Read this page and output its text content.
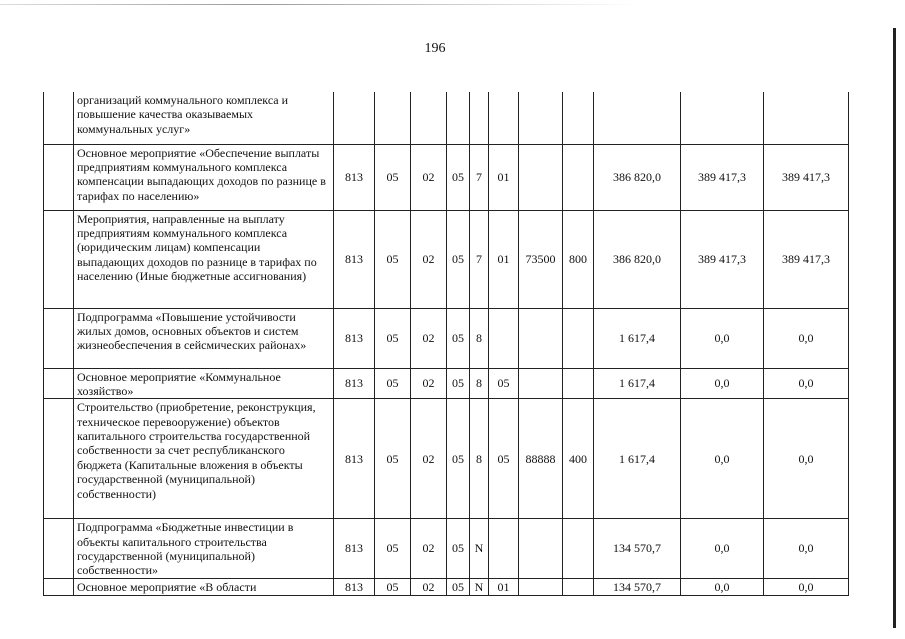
196
	организаций коммунального комплекса и повышение качества оказываемых коммунальных услуг»											
	Основное мероприятие «Обеспечение выплаты предприятиям коммунального комплекса компенсации выпадающих доходов по разнице в тарифах по населению»	813	05	02	05	7	01			386 820,0	389 417,3	389 417,3
	Мероприятия, направленные на выплату предприятиям коммунального комплекса (юридическим лицам) компенсации выпадающих доходов по разнице в тарифах по населению (Иные бюджетные ассигнования)	813	05	02	05	7	01	73500	800	386 820,0	389 417,3	389 417,3
	Подпрограмма «Повышение устойчивости жилых домов, основных объектов и систем жизнеобеспечения в сейсмических районах»	813	05	02	05	8				1 617,4	0,0	0,0
	Основное мероприятие «Коммунальное хозяйство»	813	05	02	05	8	05			1 617,4	0,0	0,0
	Строительство (приобретение, реконструкция, техническое перевооружение) объектов капитального строительства государственной собственности за счет республиканского бюджета (Капитальные вложения в объекты государственной (муниципальной) собственности)	813	05	02	05	8	05	88888	400	1 617,4	0,0	0,0
	Подпрограмма «Бюджетные инвестиции в объекты капитального строительства государственной (муниципальной) собственности»	813	05	02	05	N				134 570,7	0,0	0,0
	Основное мероприятие «В области	813	05	02	05	N	01			134 570,7	0,0	0,0
